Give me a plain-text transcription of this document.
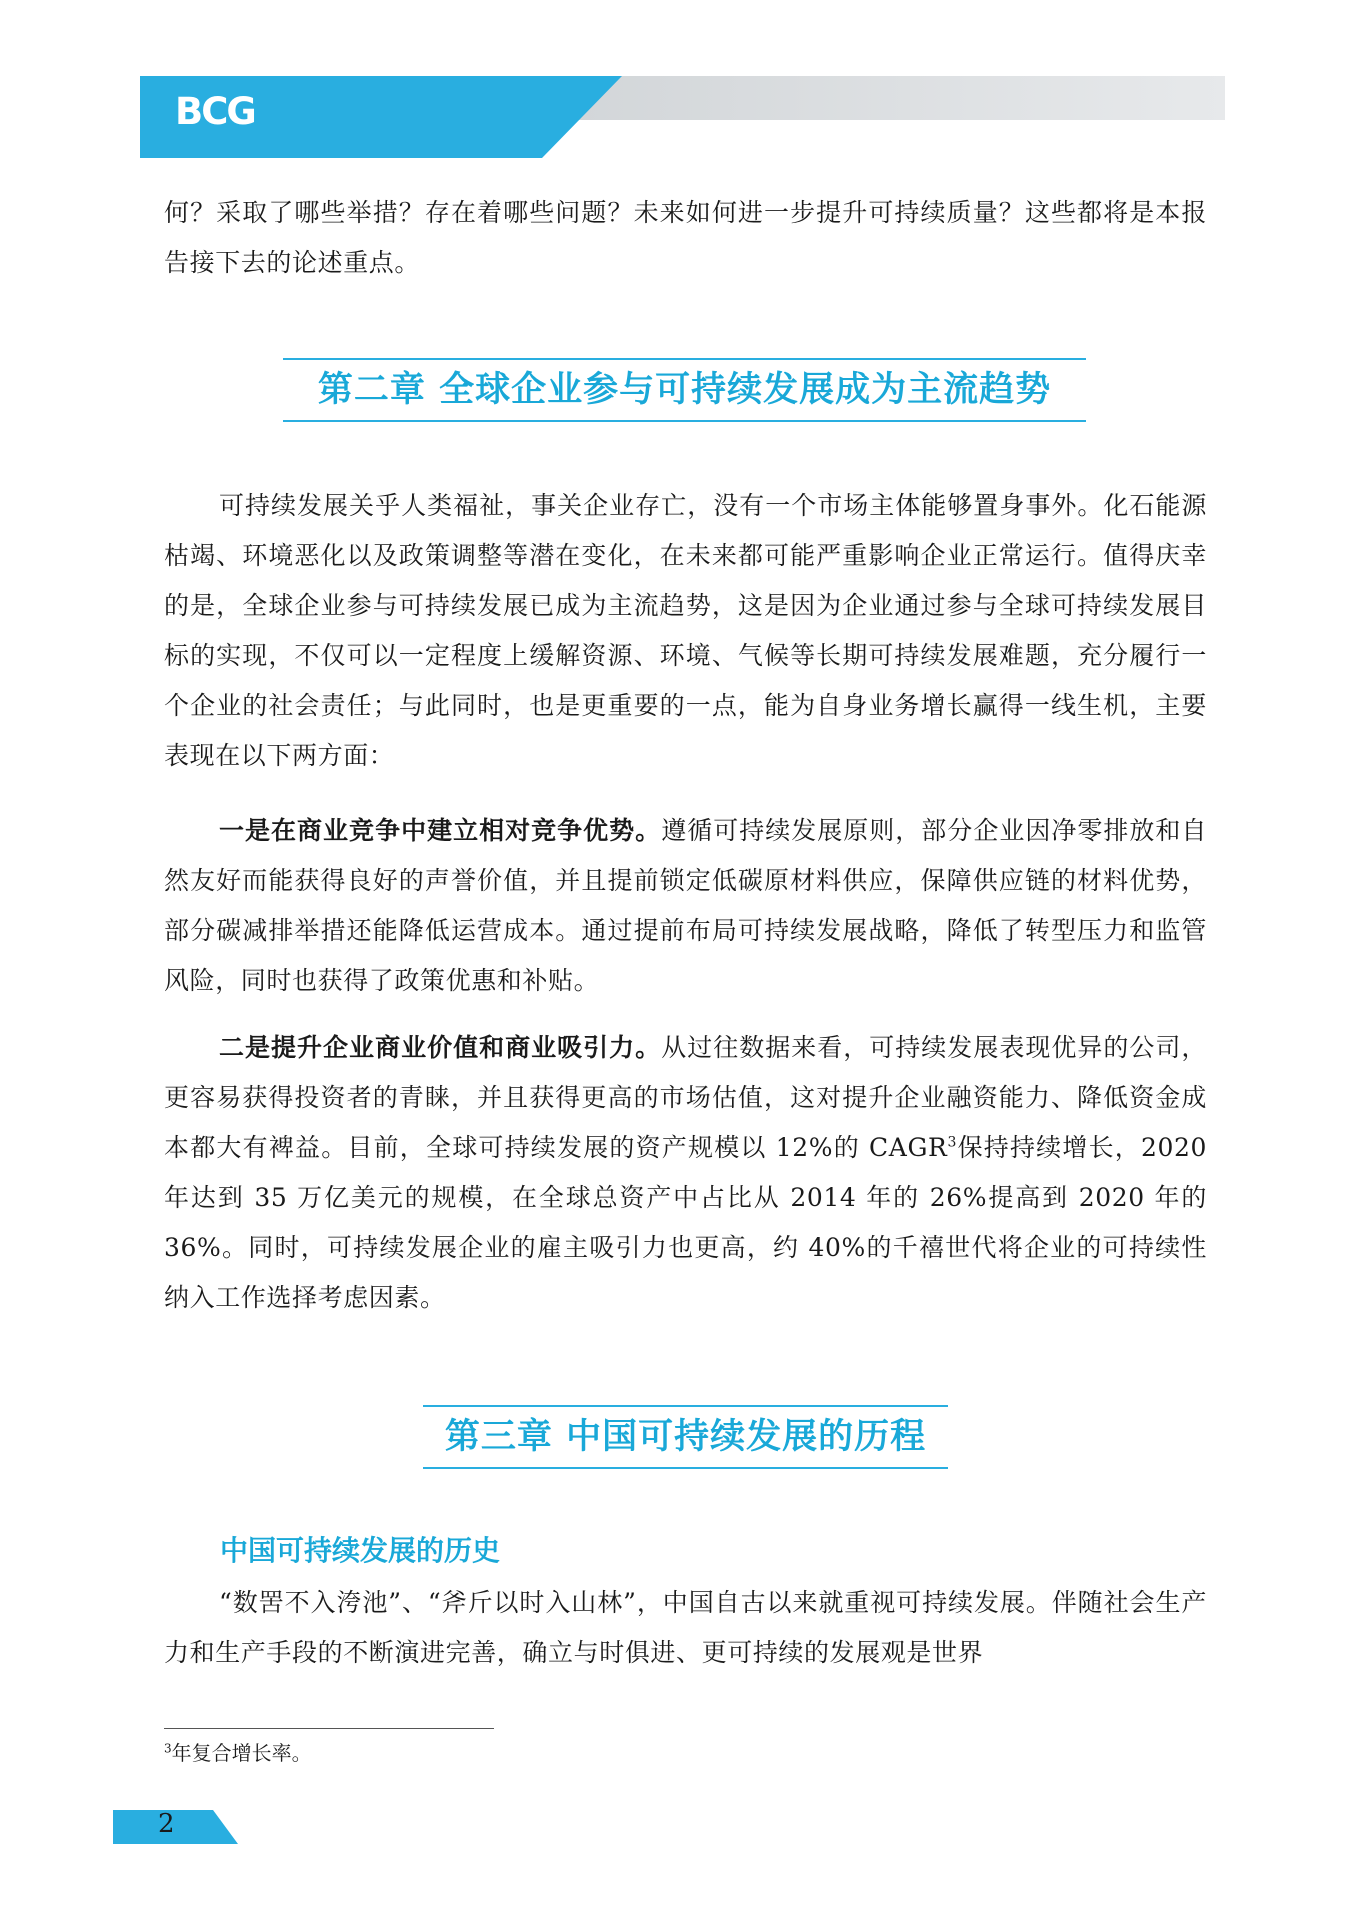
BCG

何？采取了哪些举措？存在着哪些问题？未来如何进一步提升可持续质量？这些都将是本报告接下去的论述重点。

第二章 全球企业参与可持续发展成为主流趋势

可持续发展关乎人类福祉，事关企业存亡，没有一个市场主体能够置身事外。化石能源枯竭、环境恶化以及政策调整等潜在变化，在未来都可能严重影响企业正常运行。值得庆幸的是，全球企业参与可持续发展已成为主流趋势，这是因为企业通过参与全球可持续发展目标的实现，不仅可以一定程度上缓解资源、环境、气候等长期可持续发展难题，充分履行一个企业的社会责任；与此同时，也是更重要的一点，能为自身业务增长赢得一线生机，主要表现在以下两方面：

一是在商业竞争中建立相对竞争优势。遵循可持续发展原则，部分企业因净零排放和自然友好而能获得良好的声誉价值，并且提前锁定低碳原材料供应，保障供应链的材料优势，部分碳减排举措还能降低运营成本。通过提前布局可持续发展战略，降低了转型压力和监管风险，同时也获得了政策优惠和补贴。

二是提升企业商业价值和商业吸引力。从过往数据来看，可持续发展表现优异的公司，更容易获得投资者的青睐，并且获得更高的市场估值，这对提升企业融资能力、降低资金成本都大有裨益。目前，全球可持续发展的资产规模以 12%的 CAGR$^3$保持持续增长，2020 年达到 35 万亿美元的规模，在全球总资产中占比从 2014 年的 26%提高到 2020 年的 36%。同时，可持续发展企业的雇主吸引力也更高，约 40%的千禧世代将企业的可持续性纳入工作选择考虑因素。

第三章 中国可持续发展的历程
中国可持续发展的历史

“数罟不入洿池”、“斧斤以时入山林”，中国自古以来就重视可持续发展。伴随社会生产力和生产手段的不断演进完善，确立与时俱进、更可持续的发展观是世界

$^3$年复合增长率。

2
